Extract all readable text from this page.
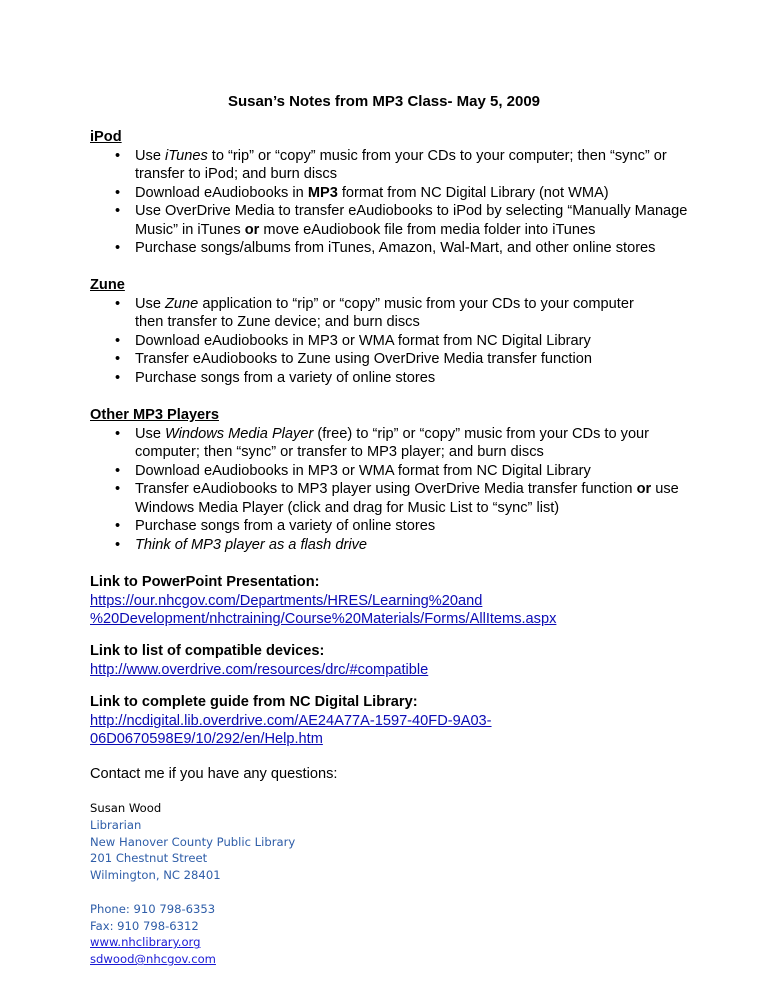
Susan’s Notes from MP3 Class- May 5, 2009
iPod
• Use iTunes to “rip” or “copy” music from your CDs to your computer; then “sync” or transfer to iPod; and burn discs
• Download eAudiobooks in MP3 format from NC Digital Library (not WMA)
• Use OverDrive Media to transfer eAudiobooks to iPod by selecting “Manually Manage Music” in iTunes or move eAudiobook file from media folder into iTunes
• Purchase songs/albums from iTunes, Amazon, Wal-Mart, and other online stores
Zune
• Use Zune application to “rip” or “copy” music from your CDs to your computer then transfer to Zune device; and burn discs
• Download eAudiobooks in MP3 or WMA format from NC Digital Library
• Transfer eAudiobooks to Zune using OverDrive Media transfer function
• Purchase songs from a variety of online stores
Other MP3 Players
• Use Windows Media Player (free) to “rip” or “copy” music from your CDs to your computer; then “sync” or transfer to MP3 player; and burn discs
• Download eAudiobooks in MP3 or WMA format from NC Digital Library
• Transfer eAudiobooks to MP3 player using OverDrive Media transfer function or use Windows Media Player (click and drag for Music List to “sync” list)
• Purchase songs from a variety of online stores
• Think of MP3 player as a flash drive
Link to PowerPoint Presentation:
https://our.nhcgov.com/Departments/HRES/Learning%20and
%20Development/nhctraining/Course%20Materials/Forms/AllItems.aspx
Link to list of compatible devices:
http://www.overdrive.com/resources/drc/#compatible
Link to complete guide from NC Digital Library:
http://ncdigital.lib.overdrive.com/AE24A77A-1597-40FD-9A03-
06D0670598E9/10/292/en/Help.htm
Contact me if you have any questions:
Susan Wood
Librarian
New Hanover County Public Library
201 Chestnut Street
Wilmington, NC 28401
Phone: 910 798-6353
Fax: 910 798-6312
www.nhclibrary.org
sdwood@nhcgov.com
